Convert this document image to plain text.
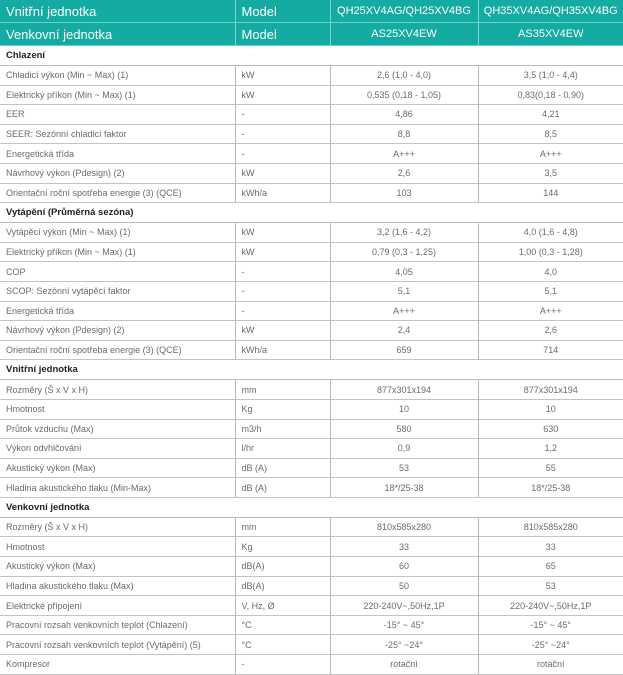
Vnitřní jednotka	Model	QH25XV4AG/QH25XV4BG	QH35XV4AG/QH35XV4BG
Venkovní jednotka	Model	AS25XV4EW	AS35XV4EW
Chlazení			
Chladicí výkon (Min ~ Max) (1)	kW	2,6 (1,0 - 4,0)	3,5 (1,0 - 4,4)
Elektrický příkon (Min ~ Max) (1)	kW	0,535 (0,18 - 1,05)	0,83(0,18 - 0,90)
EER	-	4,86	4,21
SEER: Sezónní chladicí faktor	-	8,8	8,5
Energetická třída	-	A+++	A+++
Návrhový výkon (Pdesign) (2)	kW	2,6	3,5
Orientační roční spotřeba energie (3) (QCE)	kWh/a	103	144
Vytápění (Průměrná sezóna)			
Vytápěcí výkon (Min ~ Max) (1)	kW	3,2 (1,6 - 4,2)	4,0 (1,6 - 4,8)
Elektrický příkon (Min ~ Max) (1)	kW	0,79 (0,3 - 1,25)	1,00 (0,3 - 1,28)
COP	-	4,05	4,0
SCOP: Sezónní vytápěcí faktor	-	5,1	5,1
Energetická třída	-	A+++	A+++
Návrhový výkon (Pdesign) (2)	kW	2,4	2,6
Orientační roční spotřeba energie (3) (QCE)	kWh/a	659	714
Vnitřní jednotka			
Rozměry (Š x V x H)	mm	877x301x194	877x301x194
Hmotnost	Kg	10	10
Průtok vzduchu (Max)	m3/h	580	630
Výkon odvhlčování	l/hr	0,9	1,2
Akustický výkon (Max)	dB (A)	53	55
Hladina akustického tlaku (Min-Max)	dB (A)	18*/25-38	18*/25-38
Venkovní jednotka			
Rozměry (Š x V x H)	mm	810x585x280	810x585x280
Hmotnost	Kg	33	33
Akustický výkon (Max)	dB(A)	60	65
Hladina akustického tlaku (Max)	dB(A)	50	53
Elektrické připojení	V, Hz, Ø	220-240V~,50Hz,1P	220-240V~,50Hz,1P
Pracovní rozsah venkovních teplot (Chlazení)	°C	-15° ~ 45°	-15° ~ 45°
Pracovní rozsah venkovních teplot (Vytápění) (5)	°C	-25° ~24°	-25° ~24°
Kompresor	-	rotační	rotační
